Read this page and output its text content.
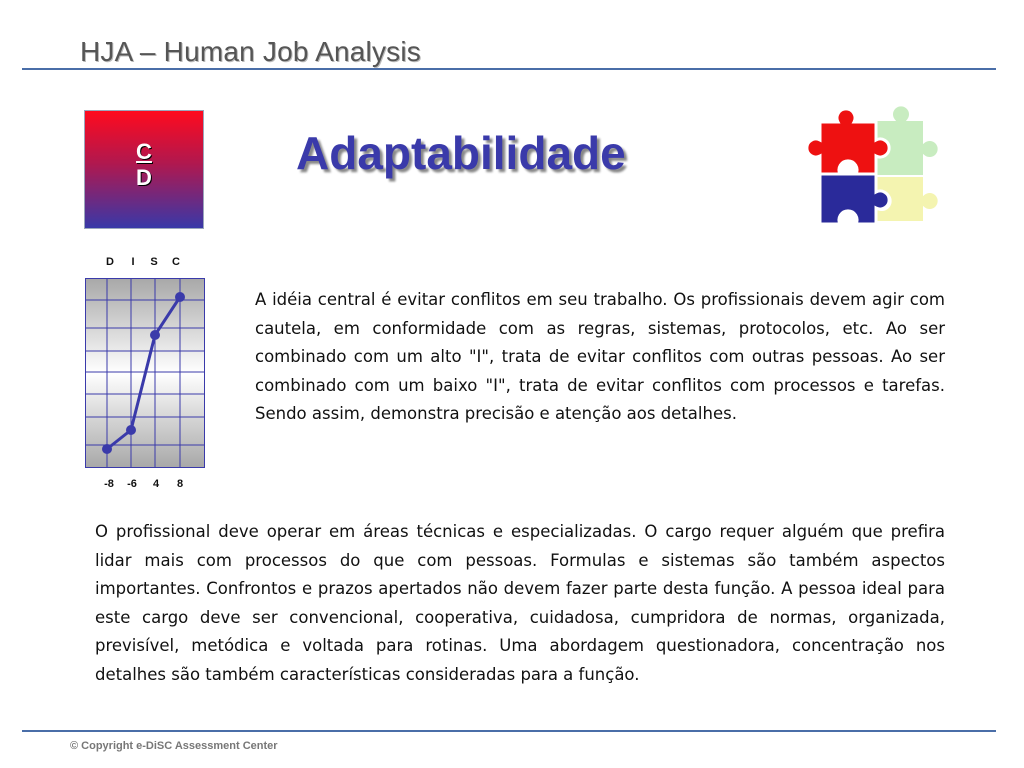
HJA – Human Job Analysis
C
D	Adaptabilidade
D	I	S	C
-8	-6	4	8

A idéia central é evitar conflitos em seu trabalho. Os profissionais devem agir com cautela, em conformidade com as regras, sistemas, protocolos, etc. Ao ser combinado com um alto "I", trata de evitar conflitos com outras pessoas. Ao ser combinado com um baixo "I", trata de evitar conflitos com processos e tarefas. Sendo assim, demonstra precisão e atenção aos detalhes.

O profissional deve operar em áreas técnicas e especializadas. O cargo requer alguém que prefira lidar mais com processos do que com pessoas. Formulas e sistemas são também aspectos importantes. Confrontos e prazos apertados não devem fazer parte desta função. A pessoa ideal para este cargo deve ser convencional, cooperativa, cuidadosa, cumpridora de normas, organizada, previsível, metódica e voltada para rotinas. Uma abordagem questionadora, concentração nos detalhes são também características consideradas para a função.

© Copyright e-DiSC Assessment Center
